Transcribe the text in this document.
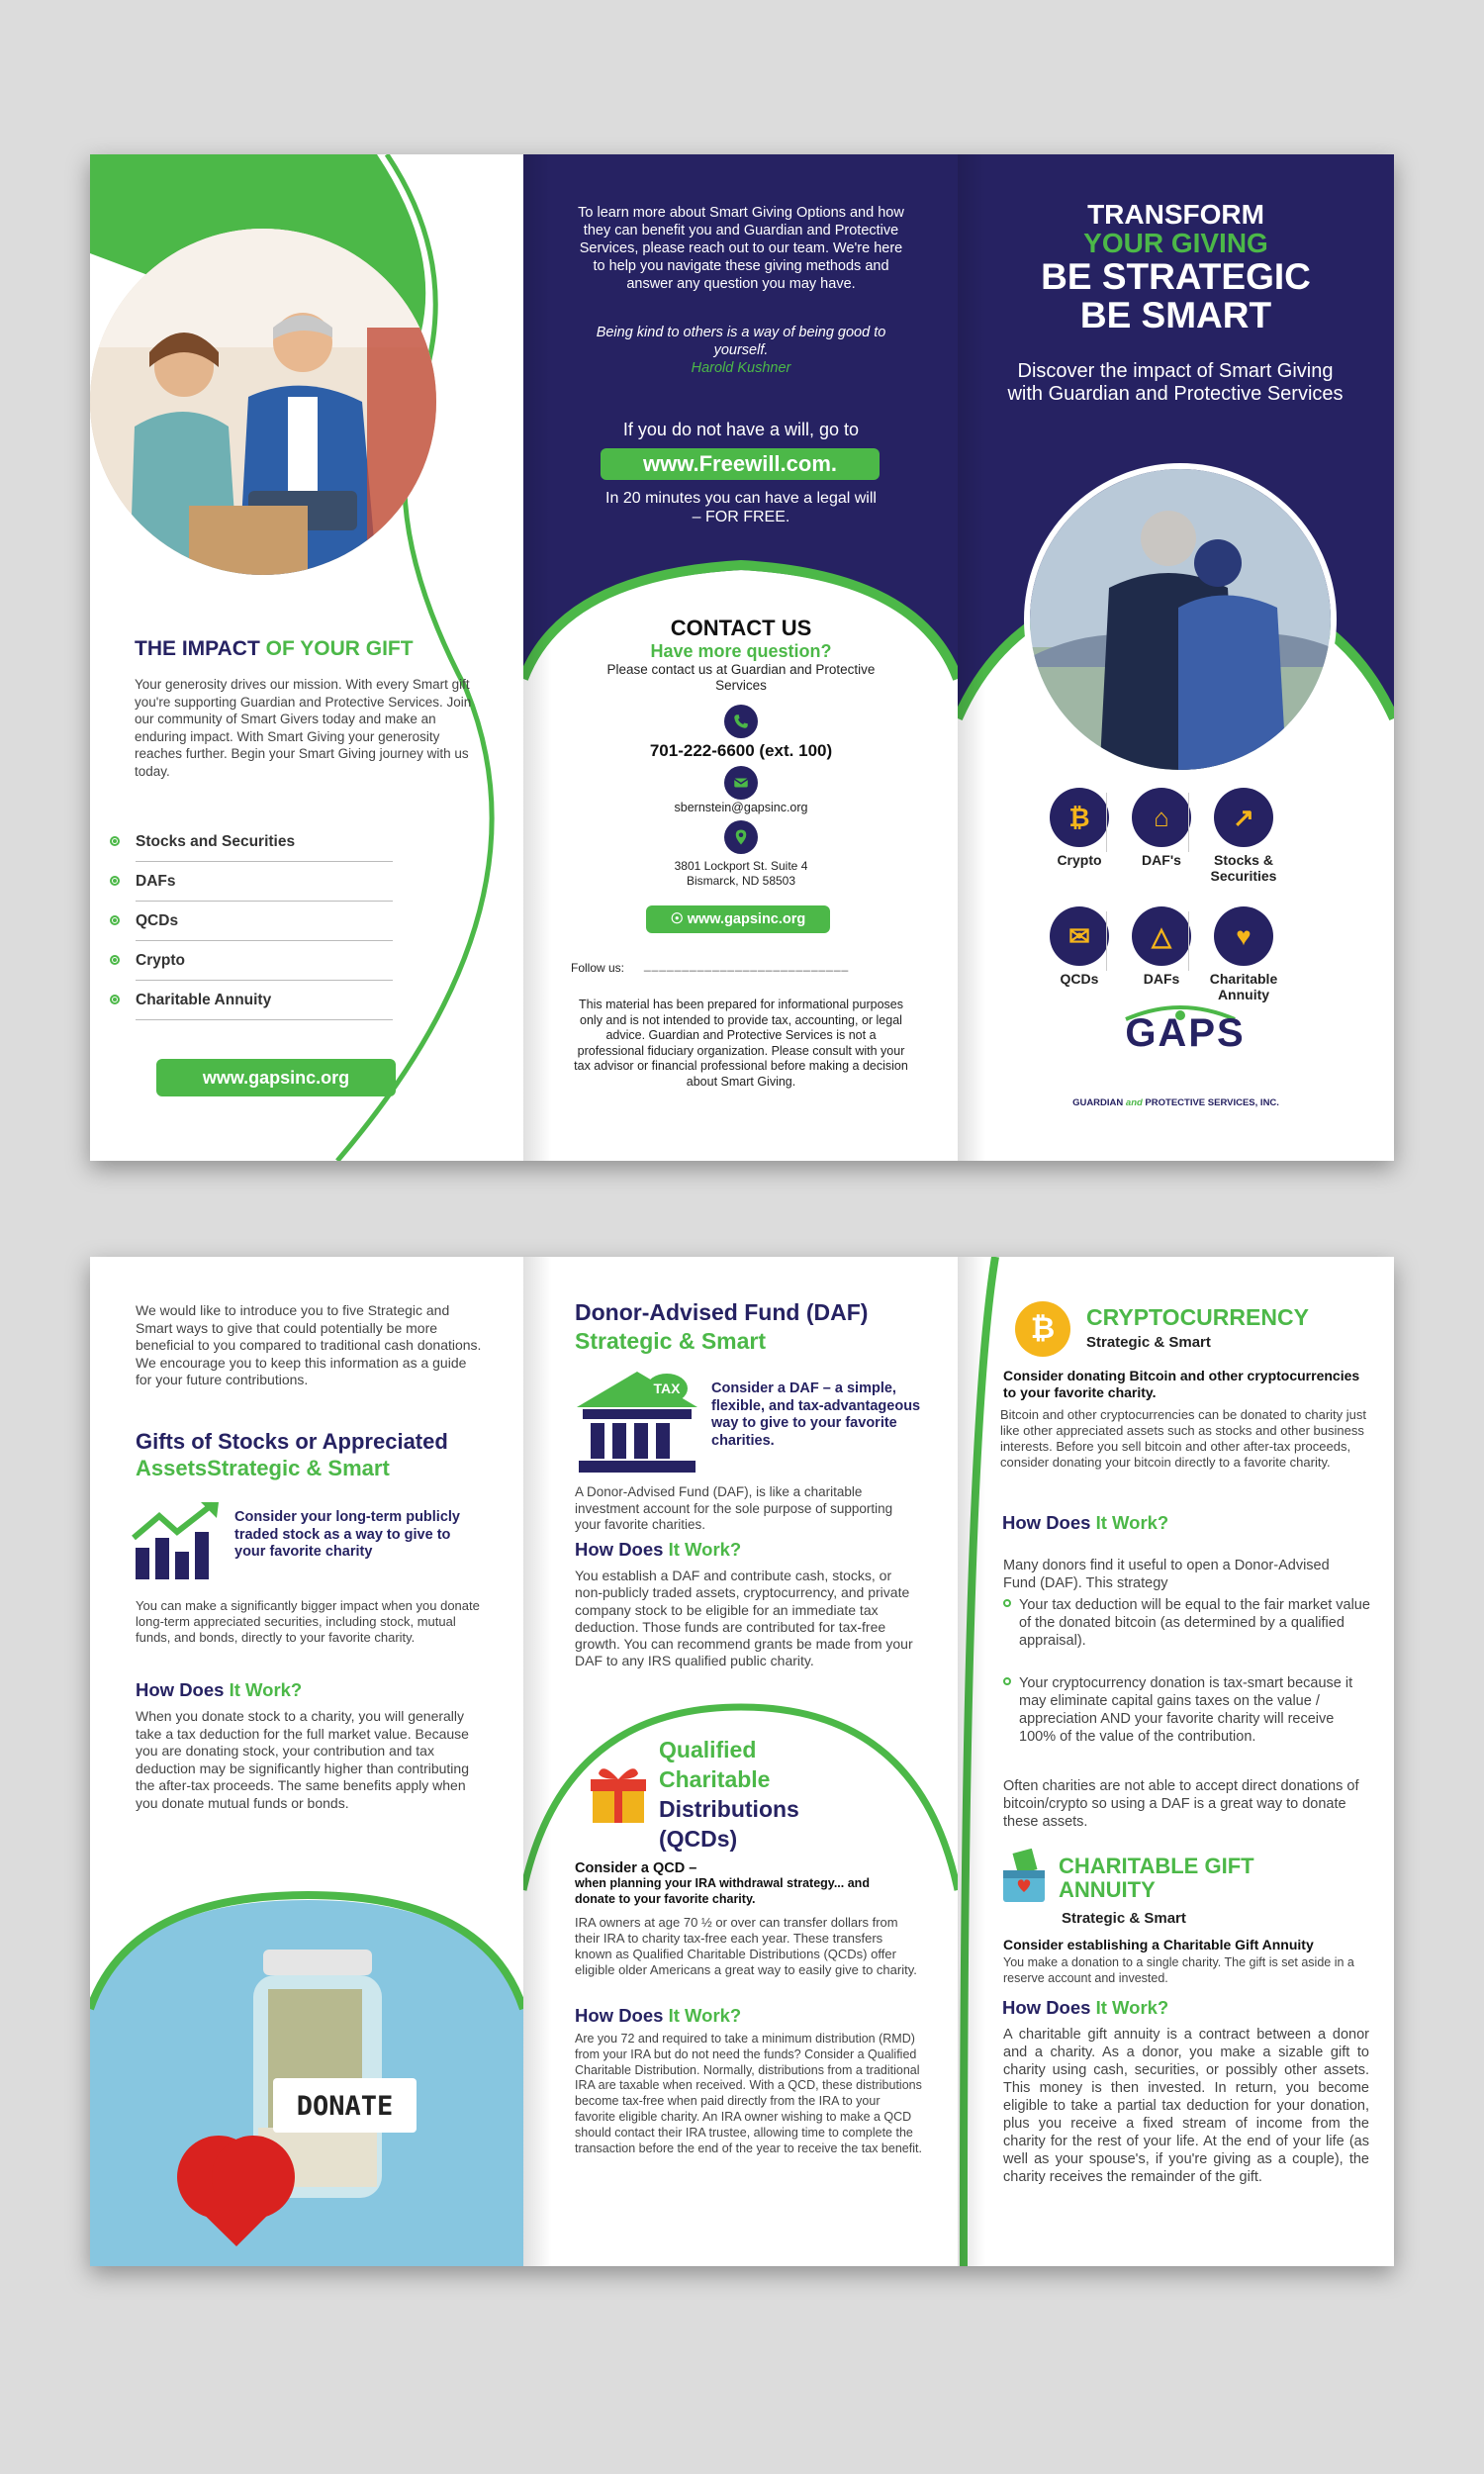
THE IMPACT OF YOUR GIFT
Your generosity drives our mission. With every Smart gift you're supporting Guardian and Protective Services. Join our community of Smart Givers today and make an enduring impact. With Smart Giving your generosity reaches further. Begin your Smart Giving journey with us today.
Stocks and Securities
DAFs
QCDs
Crypto
Charitable Annuity
www.gapsinc.org
To learn more about Smart Giving Options and how they can benefit you and Guardian and Protective Services, please reach out to our team. We're here to help you navigate these giving methods and answer any question you may have.
Being kind to others is a way of being good to yourself.
Harold Kushner
If you do not have a will, go to
www.Freewill.com.
In 20 minutes you can have a legal will – FOR FREE.
CONTACT US
Have more question?
Please contact us at Guardian and Protective Services
701-222-6600 (ext. 100)
sbernstein@gapsinc.org
3801 Lockport St. Suite 4
Bismarck, ND 58503
☉ www.gapsinc.org
Follow us: ___________________________
This material has been prepared for informational purposes only and is not intended to provide tax, accounting, or legal advice. Guardian and Protective Services is not a professional fiduciary organization. Please consult with your tax advisor or financial professional before making a decision about Smart Giving.
TRANSFORM
YOUR GIVING
BE STRATEGIC
BE SMART
Discover the impact of Smart Giving with Guardian and Protective Services
₿
Crypto
⌂
DAF's
↗
Stocks & Securities
✉
QCDs
△
DAFs
♥
Charitable Annuity
GAPS
GUARDIAN and PROTECTIVE SERVICES, INC.
We would like to introduce you to five Strategic and Smart ways to give that could potentially be more beneficial to you compared to traditional cash donations. We encourage you to keep this information as a guide for your future contributions.
Gifts of Stocks or Appreciated
AssetsStrategic & Smart
Consider your long-term publicly traded stock as a way to give to your favorite charity
You can make a significantly bigger impact when you donate long-term appreciated securities, including stock, mutual funds, and bonds, directly to your favorite charity.
How Does It Work?
When you donate stock to a charity, you will generally take a tax deduction for the full market value. Because you are donating stock, your contribution and tax deduction may be significantly higher than contributing the after-tax proceeds. The same benefits apply when you donate mutual funds or bonds.
DONATE
Donor-Advised Fund (DAF)
Strategic & Smart
TAX	Consider a DAF – a simple, flexible, and tax-advantageous way to give to your favorite charities.
A Donor-Advised Fund (DAF), is like a charitable investment account for the sole purpose of supporting your favorite charities.
How Does It Work?
You establish a DAF and contribute cash, stocks, or non-publicly traded assets, cryptocurrency, and private company stock to be eligible for an immediate tax deduction. Those funds are contributed for tax-free growth. You can recommend grants be made from your DAF to any IRS qualified public charity.
Qualified
Charitable
Distributions
(QCDs)
Consider a QCD –
when planning your IRA withdrawal strategy... and donate to your favorite charity.
IRA owners at age 70 ½ or over can transfer dollars from their IRA to charity tax-free each year. These transfers known as Qualified Charitable Distributions (QCDs) offer eligible older Americans a great way to easily give to charity.
How Does It Work?
Are you 72 and required to take a minimum distribution (RMD) from your IRA but do not need the funds? Consider a Qualified Charitable Distribution. Normally, distributions from a traditional IRA are taxable when received. With a QCD, these distributions become tax-free when paid directly from the IRA to your favorite eligible charity. An IRA owner wishing to make a QCD should contact their IRA trustee, allowing time to complete the transaction before the end of the year to receive the tax benefit.
₿	CRYPTOCURRENCY
Strategic & Smart
Consider donating Bitcoin and other cryptocurrencies to your favorite charity.
Bitcoin and other cryptocurrencies can be donated to charity just like other appreciated assets such as stocks and other business interests. Before you sell bitcoin and other after-tax proceeds, consider donating your bitcoin directly to a favorite charity.
How Does It Work?
Many donors find it useful to open a Donor-Advised Fund (DAF). This strategy
Your tax deduction will be equal to the fair market value of the donated bitcoin (as determined by a qualified appraisal).
Your cryptocurrency donation is tax-smart because it may eliminate capital gains taxes on the value / appreciation AND your favorite charity will receive 100% of the value of the contribution.
Often charities are not able to accept direct donations of bitcoin/crypto so using a DAF is a great way to donate these assets.
CHARITABLE GIFT
ANNUITY
Strategic & Smart
Consider establishing a Charitable Gift Annuity
You make a donation to a single charity. The gift is set aside in a reserve account and invested.
How Does It Work?
A charitable gift annuity is a contract between a donor and a charity. As a donor, you make a sizable gift to charity using cash, securities, or possibly other assets. This money is then invested. In return, you become eligible to take a partial tax deduction for your donation, plus you receive a fixed stream of income from the charity for the rest of your life. At the end of your life (as well as your spouse's, if you're giving as a couple), the charity receives the remainder of the gift.
